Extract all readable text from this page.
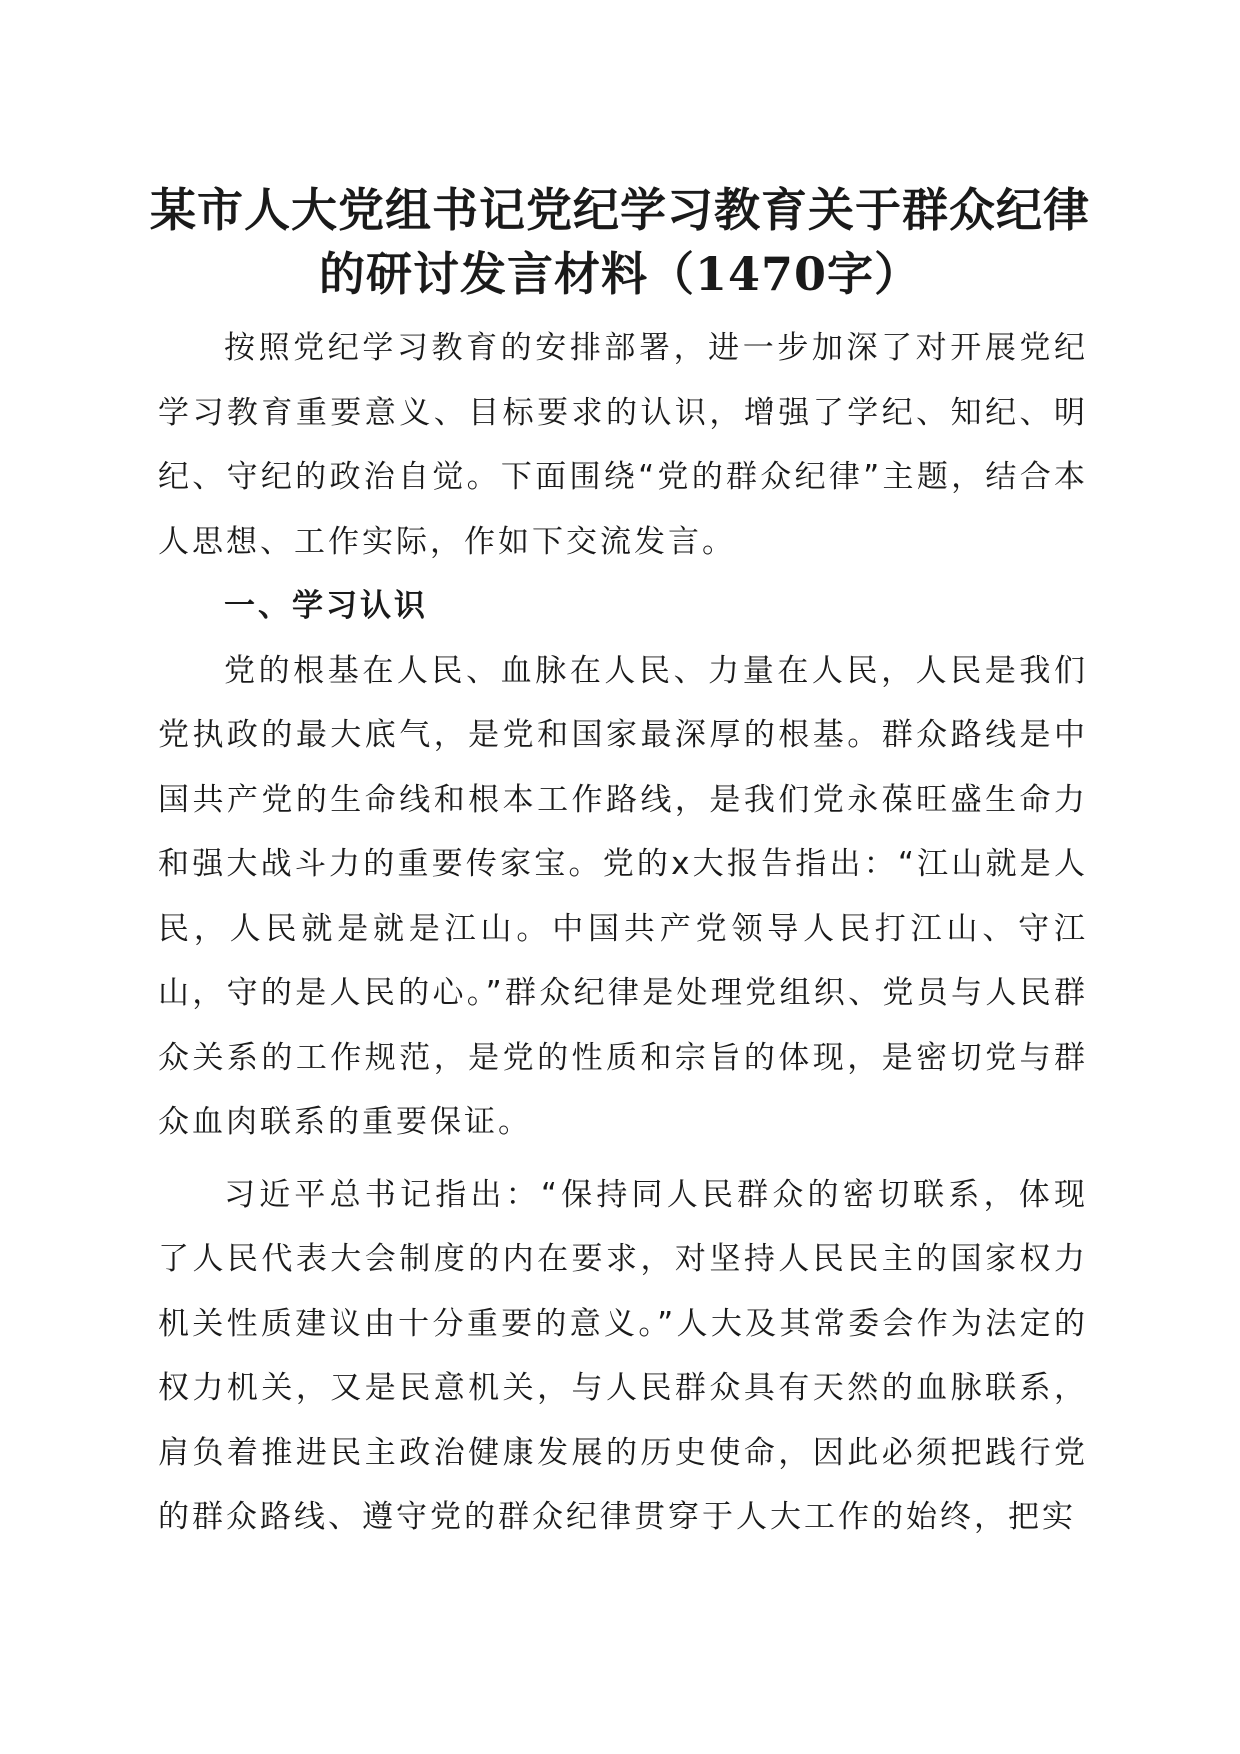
某市人大党组书记党纪学习教育关于群众纪律
的研讨发言材料（1470字）

按照党纪学习教育的安排部署，进一步加深了对开展党纪学习教育重要意义、目标要求的认识，增强了学纪、知纪、明纪、守纪的政治自觉。下面围绕“党的群众纪律”主题，结合本人思想、工作实际，作如下交流发言。

一、学习认识

党的根基在人民、血脉在人民、力量在人民，人民是我们党执政的最大底气，是党和国家最深厚的根基。群众路线是中国共产党的生命线和根本工作路线，是我们党永葆旺盛生命力和强大战斗力的重要传家宝。党的x大报告指出：“江山就是人民，人民就是就是江山。中国共产党领导人民打江山、守江山，守的是人民的心。”群众纪律是处理党组织、党员与人民群众关系的工作规范，是党的性质和宗旨的体现，是密切党与群众血肉联系的重要保证。

习近平总书记指出：“保持同人民群众的密切联系，体现了人民代表大会制度的内在要求，对坚持人民民主的国家权力机关性质建议由十分重要的意义。”人大及其常委会作为法定的权力机关，又是民意机关，与人民群众具有天然的血脉联系，肩负着推进民主政治健康发展的历史使命，因此必须把践行党的群众路线、遵守党的群众纪律贯穿于人大工作的始终，把实
